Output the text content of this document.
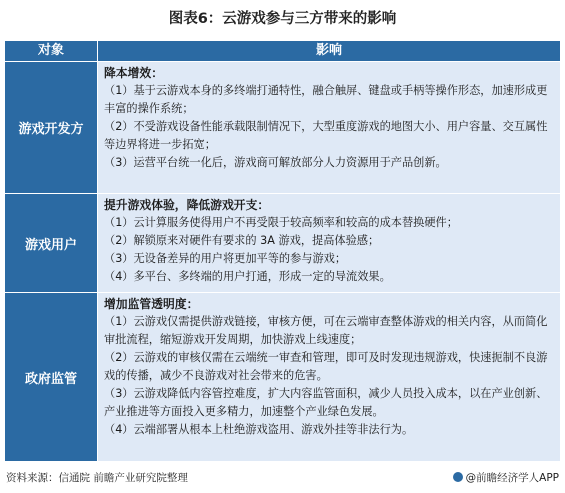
图表6：云游戏参与三方带来的影响
对象	影响
游戏开发方	降本增效：
（1）基于云游戏本身的多终端打通特性，融合触屏、键盘或手柄等操作形态，加速形成更丰富的操作系统；
（2）不受游戏设备性能承载限制情况下，大型重度游戏的地图大小、用户容量、交互属性等边界将进一步拓宽；
（3）运营平台统一化后，游戏商可解放部分人力资源用于产品创新。

游戏用户	提升游戏体验，降低游戏开支：
（1）云计算服务使得用户不再受限于较高频率和较高的成本替换硬件；
（2）解锁原来对硬件有要求的 3A 游戏，提高体验感；
（3）无设备差异的用户将更加平等的参与游戏；
（4）多平台、多终端的用户打通，形成一定的导流效果。

政府监管	增加监管透明度：
（1）云游戏仅需提供游戏链接，审核方便，可在云端审查整体游戏的相关内容，从而简化审批流程，缩短游戏开发周期，加快游戏上线速度；
（2）云游戏的审核仅需在云端统一审查和管理，即可及时发现违规游戏，快速扼制不良游戏的传播，减少不良游戏对社会带来的危害。
（3）云游戏降低内容管控难度，扩大内容监管面积，减少人员投入成本，以在产业创新、产业推进等方面投入更多精力，加速整个产业绿色发展。
（4）云端部署从根本上杜绝游戏盗用、游戏外挂等非法行为。
资料来源：信通院 前瞻产业研究院整理	@前瞻经济学人APP
